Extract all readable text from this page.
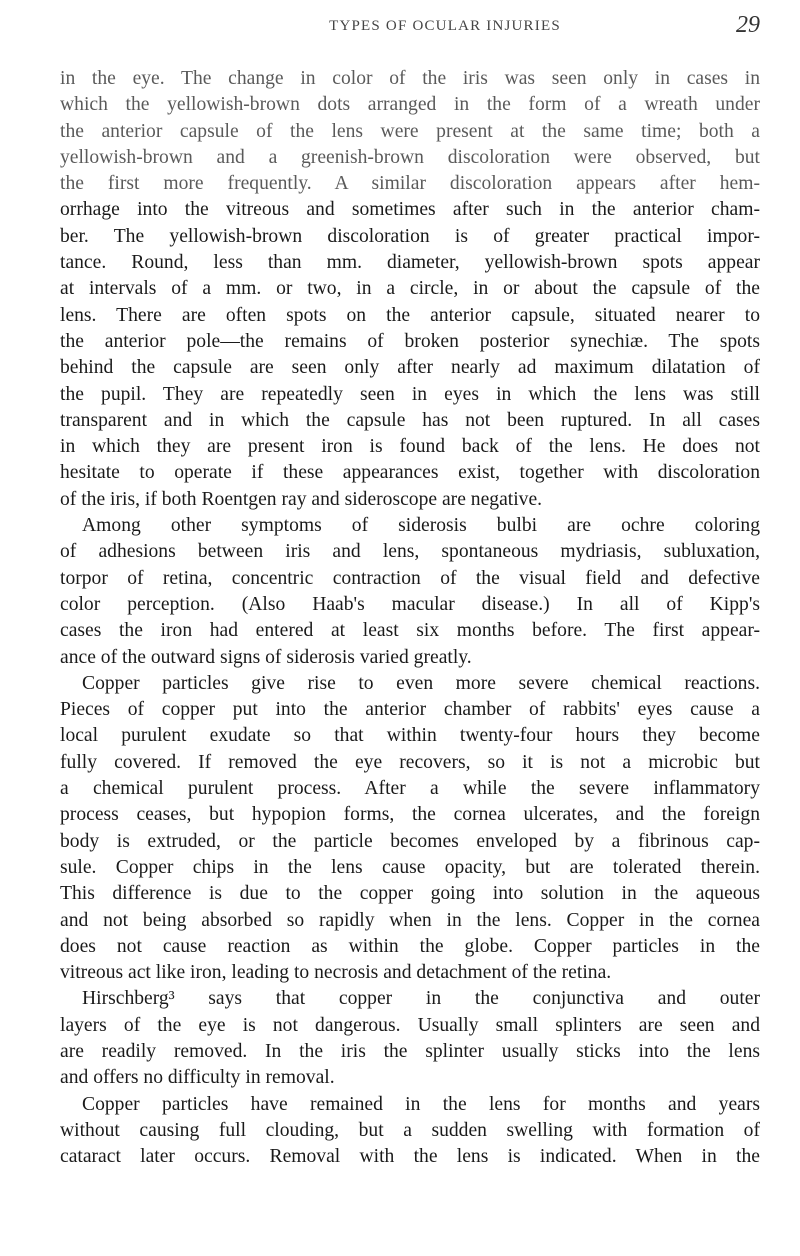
TYPES OF OCULAR INJURIES	29
in the eye. The change in color of the iris was seen only in cases in
which the yellowish-brown dots arranged in the form of a wreath under
the anterior capsule of the lens were present at the same time; both a
yellowish-brown and a greenish-brown discoloration were observed, but
the first more frequently. A similar discoloration appears after hem-
orrhage into the vitreous and sometimes after such in the anterior cham-
ber. The yellowish-brown discoloration is of greater practical impor-
tance. Round, less than mm. diameter, yellowish-brown spots appear
at intervals of a mm. or two, in a circle, in or about the capsule of the
lens. There are often spots on the anterior capsule, situated nearer to
the anterior pole—the remains of broken posterior synechiæ. The spots
behind the capsule are seen only after nearly ad maximum dilatation of
the pupil. They are repeatedly seen in eyes in which the lens was still
transparent and in which the capsule has not been ruptured. In all cases
in which they are present iron is found back of the lens. He does not
hesitate to operate if these appearances exist, together with discoloration
of the iris, if both Roentgen ray and sideroscope are negative.
Among other symptoms of siderosis bulbi are ochre coloring
of adhesions between iris and lens, spontaneous mydriasis, subluxation,
torpor of retina, concentric contraction of the visual field and defective
color perception. (Also Haab's macular disease.) In all of Kipp's
cases the iron had entered at least six months before. The first appear-
ance of the outward signs of siderosis varied greatly.
Copper particles give rise to even more severe chemical reactions.
Pieces of copper put into the anterior chamber of rabbits' eyes cause a
local purulent exudate so that within twenty-four hours they become
fully covered. If removed the eye recovers, so it is not a microbic but
a chemical purulent process. After a while the severe inflammatory
process ceases, but hypopion forms, the cornea ulcerates, and the foreign
body is extruded, or the particle becomes enveloped by a fibrinous cap-
sule. Copper chips in the lens cause opacity, but are tolerated therein.
This difference is due to the copper going into solution in the aqueous
and not being absorbed so rapidly when in the lens. Copper in the cornea
does not cause reaction as within the globe. Copper particles in the
vitreous act like iron, leading to necrosis and detachment of the retina.
Hirschberg³ says that copper in the conjunctiva and outer
layers of the eye is not dangerous. Usually small splinters are seen and
are readily removed. In the iris the splinter usually sticks into the lens
and offers no difficulty in removal.
Copper particles have remained in the lens for months and years
without causing full clouding, but a sudden swelling with formation of
cataract later occurs. Removal with the lens is indicated. When in the
